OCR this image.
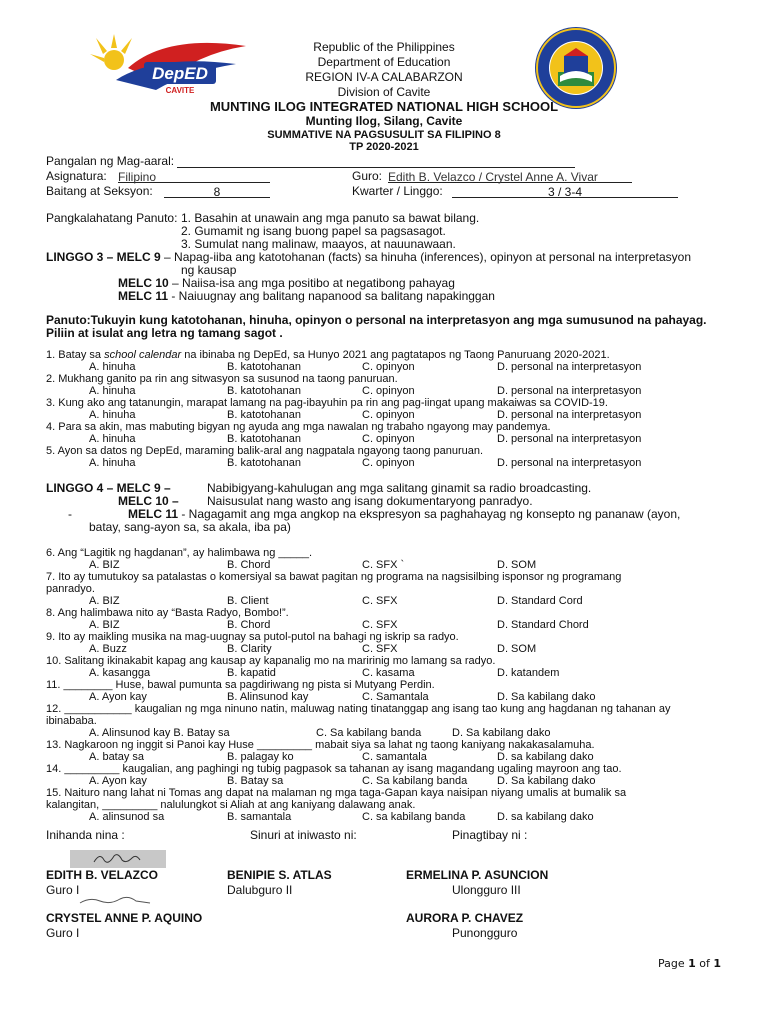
DepED
CAVITE
Republic of the Philippines
Department of Education
REGION IV-A CALABARZON
Division of Cavite
MUNTING ILOG INTEGRATED NATIONAL HIGH SCHOOL
Munting Ilog, Silang, Cavite
SUMMATIVE NA PAGSUSULIT SA FILIPINO 8
TP 2020-2021
Pangalan ng Mag-aaral:
Asignatura: Filipino	Guro: Edith B. Velazco / Crystel Anne A. Vivar
Baitang at Seksyon:	8	Kwarter / Linggo:	3 / 3-4
Pangkalahatang Panuto: 1. Basahin at unawain ang mga panuto sa bawat bilang.
2. Gumamit ng isang buong papel sa pagsasagot.
3. Sumulat nang malinaw, maayos, at nauunawaan.
LINGGO 3 – MELC 9 – Napag-iiba ang katotohanan (facts) sa hinuha (inferences), opinyon at personal na interpretasyon
ng kausap
MELC 10 – Naiisa-isa ang mga positibo at negatibong pahayag
MELC 11 - Naiuugnay ang balitang napanood sa balitang napakinggan
Panuto:Tukuyin kung katotohanan, hinuha, opinyon o personal na interpretasyon ang mga sumusunod na pahayag.
Piliin at isulat ang letra ng tamang sagot .
1. Batay sa school calendar na ibinaba ng DepEd, sa Hunyo 2021 ang pagtatapos ng Taong Panuruang 2020-2021.
A. hinuha	B. katotohanan	C. opinyon	D. personal na interpretasyon
2. Mukhang ganito pa rin ang sitwasyon sa susunod na taong panuruan.
A. hinuha	B. katotohanan	C. opinyon	D. personal na interpretasyon
3. Kung ako ang tatanungin, marapat lamang na pag-ibayuhin pa rin ang pag-iingat upang makaiwas sa COVID-19.
A. hinuha	B. katotohanan	C. opinyon	D. personal na interpretasyon
4. Para sa akin, mas mabuting bigyan ng ayuda ang mga nawalan ng trabaho ngayong may pandemya.
A. hinuha	B. katotohanan	C. opinyon	D. personal na interpretasyon
5. Ayon sa datos ng DepEd, maraming balik-aral ang nagpatala ngayong taong panuruan.
A. hinuha	B. katotohanan	C. opinyon	D. personal na interpretasyon
LINGGO 4 – MELC 9 –	Nabibigyang-kahulugan ang mga salitang ginamit sa radio broadcasting.
MELC 10 – Naisusulat nang wasto ang isang dokumentaryong panradyo.
-	MELC 11 - Nagagamit ang mga angkop na ekspresyon sa paghahayag ng konsepto ng pananaw (ayon,
batay, sang-ayon sa, sa akala, iba pa)
6. Ang “Lagitik ng hagdanan”, ay halimbawa ng _____.
A. BIZ	B. Chord	C. SFX `	D. SOM
7. Ito ay tumutukoy sa patalastas o komersiyal sa bawat pagitan ng programa na nagsisilbing isponsor ng programang
panradyo.
A. BIZ	B. Client	C. SFX	D. Standard Cord
8. Ang halimbawa nito ay “Basta Radyo, Bombo!”.
A. BIZ	B. Chord	C. SFX	D. Standard Chord
9. Ito ay maikling musika na mag-uugnay sa putol-putol na bahagi ng iskrip sa radyo.
A. Buzz	B. Clarity	C. SFX	D. SOM
10. Salitang ikinakabit kapag ang kausap ay kapanalig mo na maririnig mo lamang sa radyo.
A. kasangga	B. kapatid	C. kasama	D. katandem
11. ________ Huse, bawal pumunta sa pagdiriwang ng pista si Mutyang Perdin.
A. Ayon kay	B. Alinsunod kay	C. Samantala	D. Sa kabilang dako
12. ___________ kaugalian ng mga ninuno natin, maluwag nating tinatanggap ang isang tao kung ang hagdanan ng tahanan ay
ibinababa.
A. Alinsunod kay B. Batay sa	C. Sa kabilang banda	D. Sa kabilang dako
13. Nagkaroon ng inggit si Panoi kay Huse _________ mabait siya sa lahat ng taong kaniyang nakakasalamuha.
A. batay sa	B. palagay ko	C. samantala	D. sa kabilang dako
14. _________ kaugalian, ang paghingi ng tubig pagpasok sa tahanan ay isang magandang ugaling mayroon ang tao.
A. Ayon kay	B. Batay sa	C. Sa kabilang banda	D. Sa kabilang dako
15. Naituro nang lahat ni Tomas ang dapat na malaman ng mga taga-Gapan kaya naisipan niyang umalis at bumalik sa
kalangitan, _________ nalulungkot si Aliah at ang kaniyang dalawang anak.
A. alinsunod sa	B. samantala	C. sa kabilang banda	D. sa kabilang dako
Inihanda nina :	Sinuri at iniwasto ni:	Pinagtibay ni :
EDITH B. VELAZCO
Guro I
BENIPIE S. ATLAS
Dalubguro II
ERMELINA P. ASUNCION
Ulongguro III
CRYSTEL ANNE P. AQUINO
Guro I
AURORA P. CHAVEZ
Punongguro
Page 1 of 1
